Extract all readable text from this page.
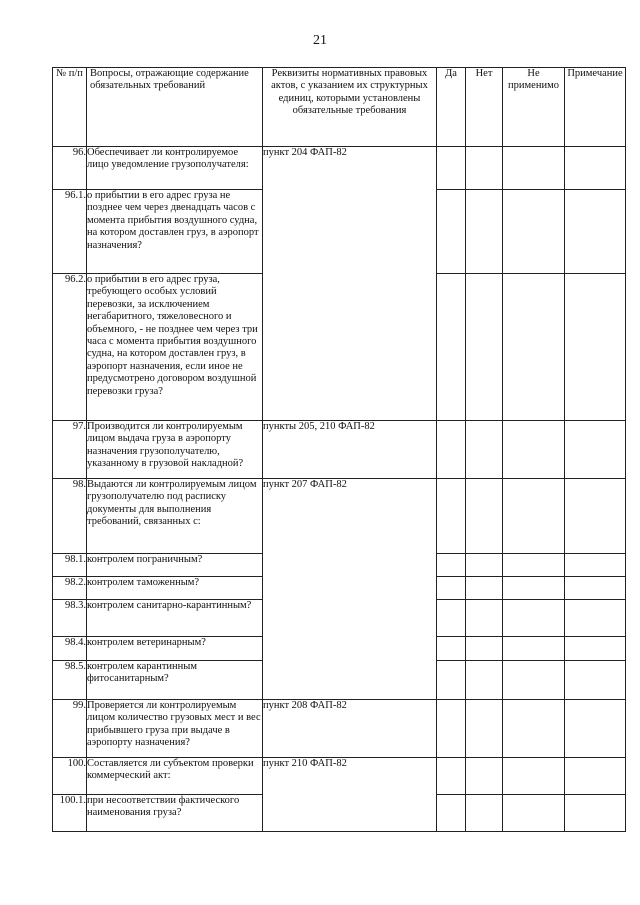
21
№ п/п	Вопросы, отражающие содержание обязательных требований	Реквизиты нормативных правовых актов, с указанием их структурных единиц, которыми установлены обязательные требования	Да	Нет	Не применимо	Примечание
96.	Обеспечивает ли контролируемое лицо уведомление грузополучателя:	пункт 204 ФАП-82				
96.1.	о прибытии в его адрес груза не позднее чем через двенадцать часов с момента прибытия воздушного судна, на котором доставлен груз, в аэропорт назначения?					
96.2.	о прибытии в его адрес груза, требующего особых условий перевозки, за исключением негабаритного, тяжеловесного и объемного, - не позднее чем через три часа с момента прибытия воздушного судна, на котором доставлен груз, в аэропорт назначения, если иное не предусмотрено договором воздушной перевозки груза?					
97.	Производится ли контролируемым лицом выдача груза в аэропорту назначения грузополучателю, указанному в грузовой накладной?	пункты 205, 210 ФАП-82				
98.	Выдаются ли контролируемым лицом грузополучателю под расписку документы для выполнения требований, связанных с:	пункт 207 ФАП-82				
98.1.	контролем пограничным?					
98.2.	контролем таможенным?					
98.3.	контролем санитарно-карантинным?					
98.4.	контролем ветеринарным?					
98.5.	контролем карантинным фитосанитарным?					
99.	Проверяется ли контролируемым лицом количество грузовых мест и вес прибывшего груза при выдаче в аэропорту назначения?	пункт 208 ФАП-82				
100.	Составляется ли субъектом проверки коммерческий акт:	пункт 210 ФАП-82				
100.1.	при несоответствии фактического наименования груза?					
